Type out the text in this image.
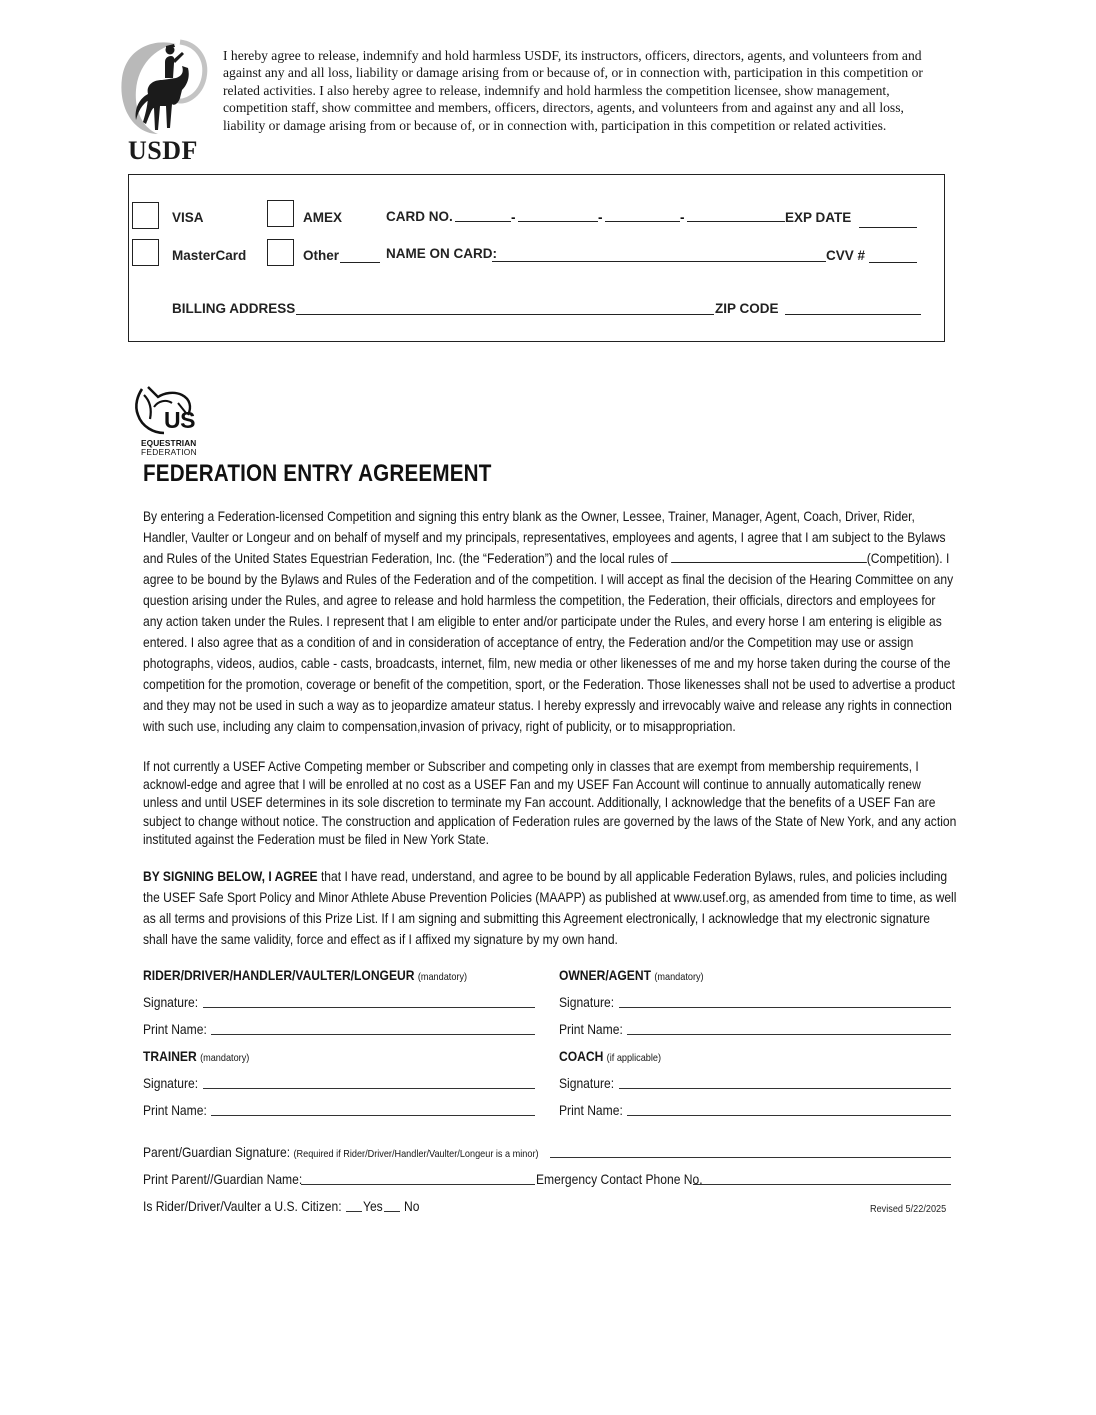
USDF
I hereby agree to release, indemnify and hold harmless USDF, its instructors, officers, directors, agents, and volunteers from and against any and all loss, liability or damage arising from or because of, or in connection with, participation in this competition or related activities. I also hereby agree to release, indemnify and hold harmless the competition licensee, show management, competition staff, show committee and members, officers, directors, agents, and volunteers from and against any and all loss, liability or damage arising from or because of, or in connection with, participation in this competition or related activities.
VISA	AMEX	CARD NO.	-	-	-	EXP DATE
MasterCard	Other	NAME ON CARD:	CVV #
BILLING ADDRESS	ZIP CODE
US
EQUESTRIAN
FEDERATION
FEDERATION ENTRY AGREEMENT
By entering a Federation-licensed Competition and signing this entry blank as the Owner, Lessee, Trainer, Manager, Agent, Coach, Driver, Rider, Handler, Vaulter or Longeur and on behalf of myself and my principals, representatives, employees and agents, I agree that I am subject to the Bylaws and Rules of the United States Equestrian Federation, Inc. (the “Federation”) and the local rules of	(Competition). I agree to be bound by the Bylaws and Rules of the Federation and of the competition. I will accept as final the decision of the Hearing Committee on any question arising under the Rules, and agree to release and hold harmless the competition, the Federation, their officials, directors and employees for any action taken under the Rules. I represent that I am eligible to enter and/or participate under the Rules, and every horse I am entering is eligible as entered. I also agree that as a condition of and in consideration of acceptance of entry, the Federation and/or the Competition may use or assign photographs, videos, audios, cable - casts, broadcasts, internet, film, new media or other likenesses of me and my horse taken during the course of the competition for the promotion, coverage or benefit of the competition, sport, or the Federation. Those likenesses shall not be used to advertise a product and they may not be used in such a way as to jeopardize amateur status. I hereby expressly and irrevocably waive and release any rights in connection with such use, including any claim to compensation,invasion of privacy, right of publicity, or to misappropriation.
If not currently a USEF Active Competing member or Subscriber and competing only in classes that are exempt from membership requirements, I acknowl-edge and agree that I will be enrolled at no cost as a USEF Fan and my USEF Fan Account will continue to annually automatically renew unless and until USEF determines in its sole discretion to terminate my Fan account. Additionally, I acknowledge that the benefits of a USEF Fan are subject to change without notice. The construction and application of Federation rules are governed by the laws of the State of New York, and any action instituted against the Federation must be filed in New York State.
BY SIGNING BELOW, I AGREE that I have read, understand, and agree to be bound by all applicable Federation Bylaws, rules, and policies including the USEF Safe Sport Policy and Minor Athlete Abuse Prevention Policies (MAAPP) as published at www.usef.org, as amended from time to time, as well as all terms and provisions of this Prize List. If I am signing and submitting this Agreement electronically, I acknowledge that my electronic signature shall have the same validity, force and effect as if I affixed my signature by my own hand.
RIDER/DRIVER/HANDLER/VAULTER/LONGEUR (mandatory)
Signature:
Print Name:
OWNER/AGENT (mandatory)
Signature:
Print Name:
TRAINER (mandatory)
Signature:
Print Name:
COACH (if applicable)
Signature:
Print Name:
Parent/Guardian Signature: (Required if Rider/Driver/Handler/Vaulter/Longeur is a minor)
Print Parent//Guardian Name:	Emergency Contact Phone No.
Is Rider/Driver/Vaulter a U.S. Citizen: Yes No	Revised 5/22/2025
